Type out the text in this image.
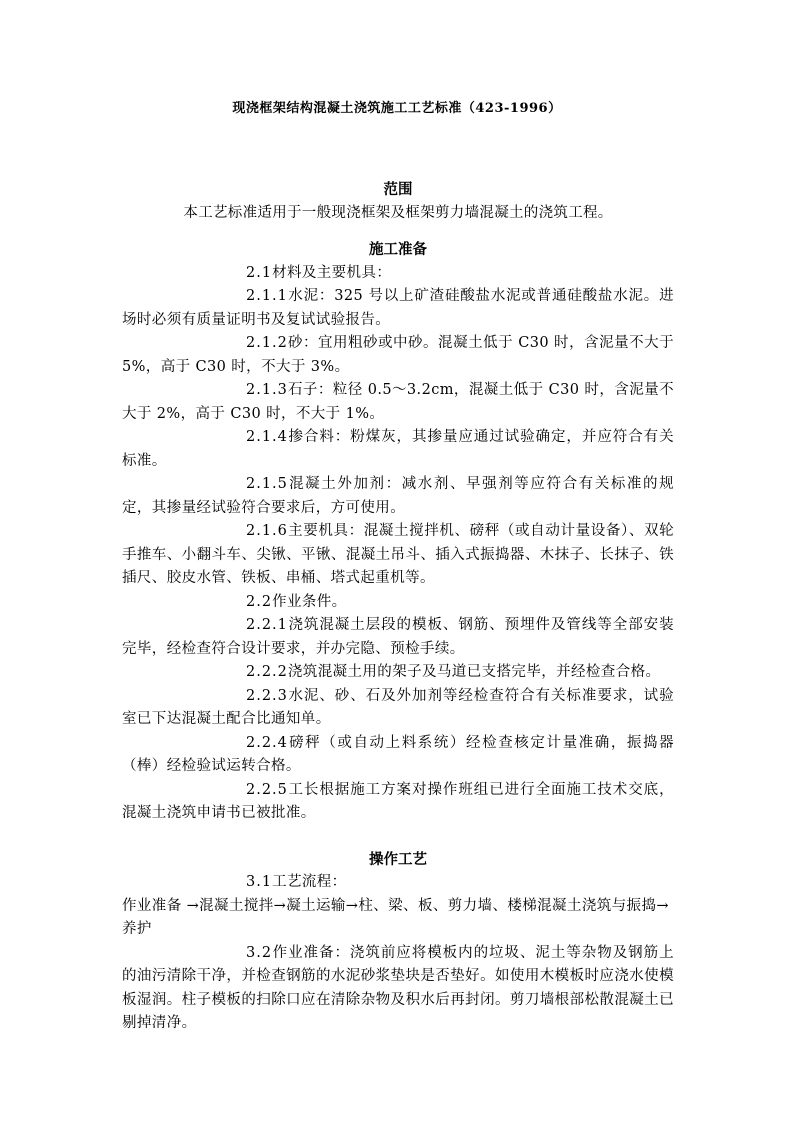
现浇框架结构混凝土浇筑施工工艺标准（423-1996）

范围

本工艺标准适用于一般现浇框架及框架剪力墙混凝土的浇筑工程。

施工准备

2.1材料及主要机具：

2.1.1水泥：325 号以上矿渣硅酸盐水泥或普通硅酸盐水泥。进场时必须有质量证明书及复试试验报告。

2.1.2砂：宜用粗砂或中砂。混凝土低于 C30 时，含泥量不大于 5%，高于 C30 时，不大于 3%。

2.1.3石子：粒径 0.5～3.2cm，混凝土低于 C30 时，含泥量不大于 2%，高于 C30 时，不大于 1%。

2.1.4掺合料：粉煤灰，其掺量应通过试验确定，并应符合有关标准。

2.1.5混凝土外加剂：减水剂、早强剂等应符合有关标准的规定，其掺量经试验符合要求后，方可使用。

2.1.6主要机具：混凝土搅拌机、磅秤（或自动计量设备）、双轮手推车、小翻斗车、尖锹、平锹、混凝土吊斗、插入式振捣器、木抹子、长抹子、铁插尺、胶皮水管、铁板、串桶、塔式起重机等。

2.2作业条件。

2.2.1浇筑混凝土层段的模板、钢筋、预埋件及管线等全部安装完毕，经检查符合设计要求，并办完隐、预检手续。

2.2.2浇筑混凝土用的架子及马道已支搭完毕，并经检查合格。

2.2.3水泥、砂、石及外加剂等经检查符合有关标准要求，试验室已下达混凝土配合比通知单。

2.2.4磅秤（或自动上料系统）经检查核定计量准确，振捣器（棒）经检验试运转合格。

2.2.5工长根据施工方案对操作班组已进行全面施工技术交底，混凝土浇筑申请书已被批准。

操作工艺

3.1工艺流程：

作业准备 →混凝土搅拌→凝土运输→柱、梁、板、剪力墙、楼梯混凝土浇筑与振捣→养护

3.2作业准备：浇筑前应将模板内的垃圾、泥土等杂物及钢筋上的油污清除干净，并检查钢筋的水泥砂浆垫块是否垫好。如使用木模板时应浇水使模板湿润。柱子模板的扫除口应在清除杂物及积水后再封闭。剪刀墙根部松散混凝土已剔掉清净。
